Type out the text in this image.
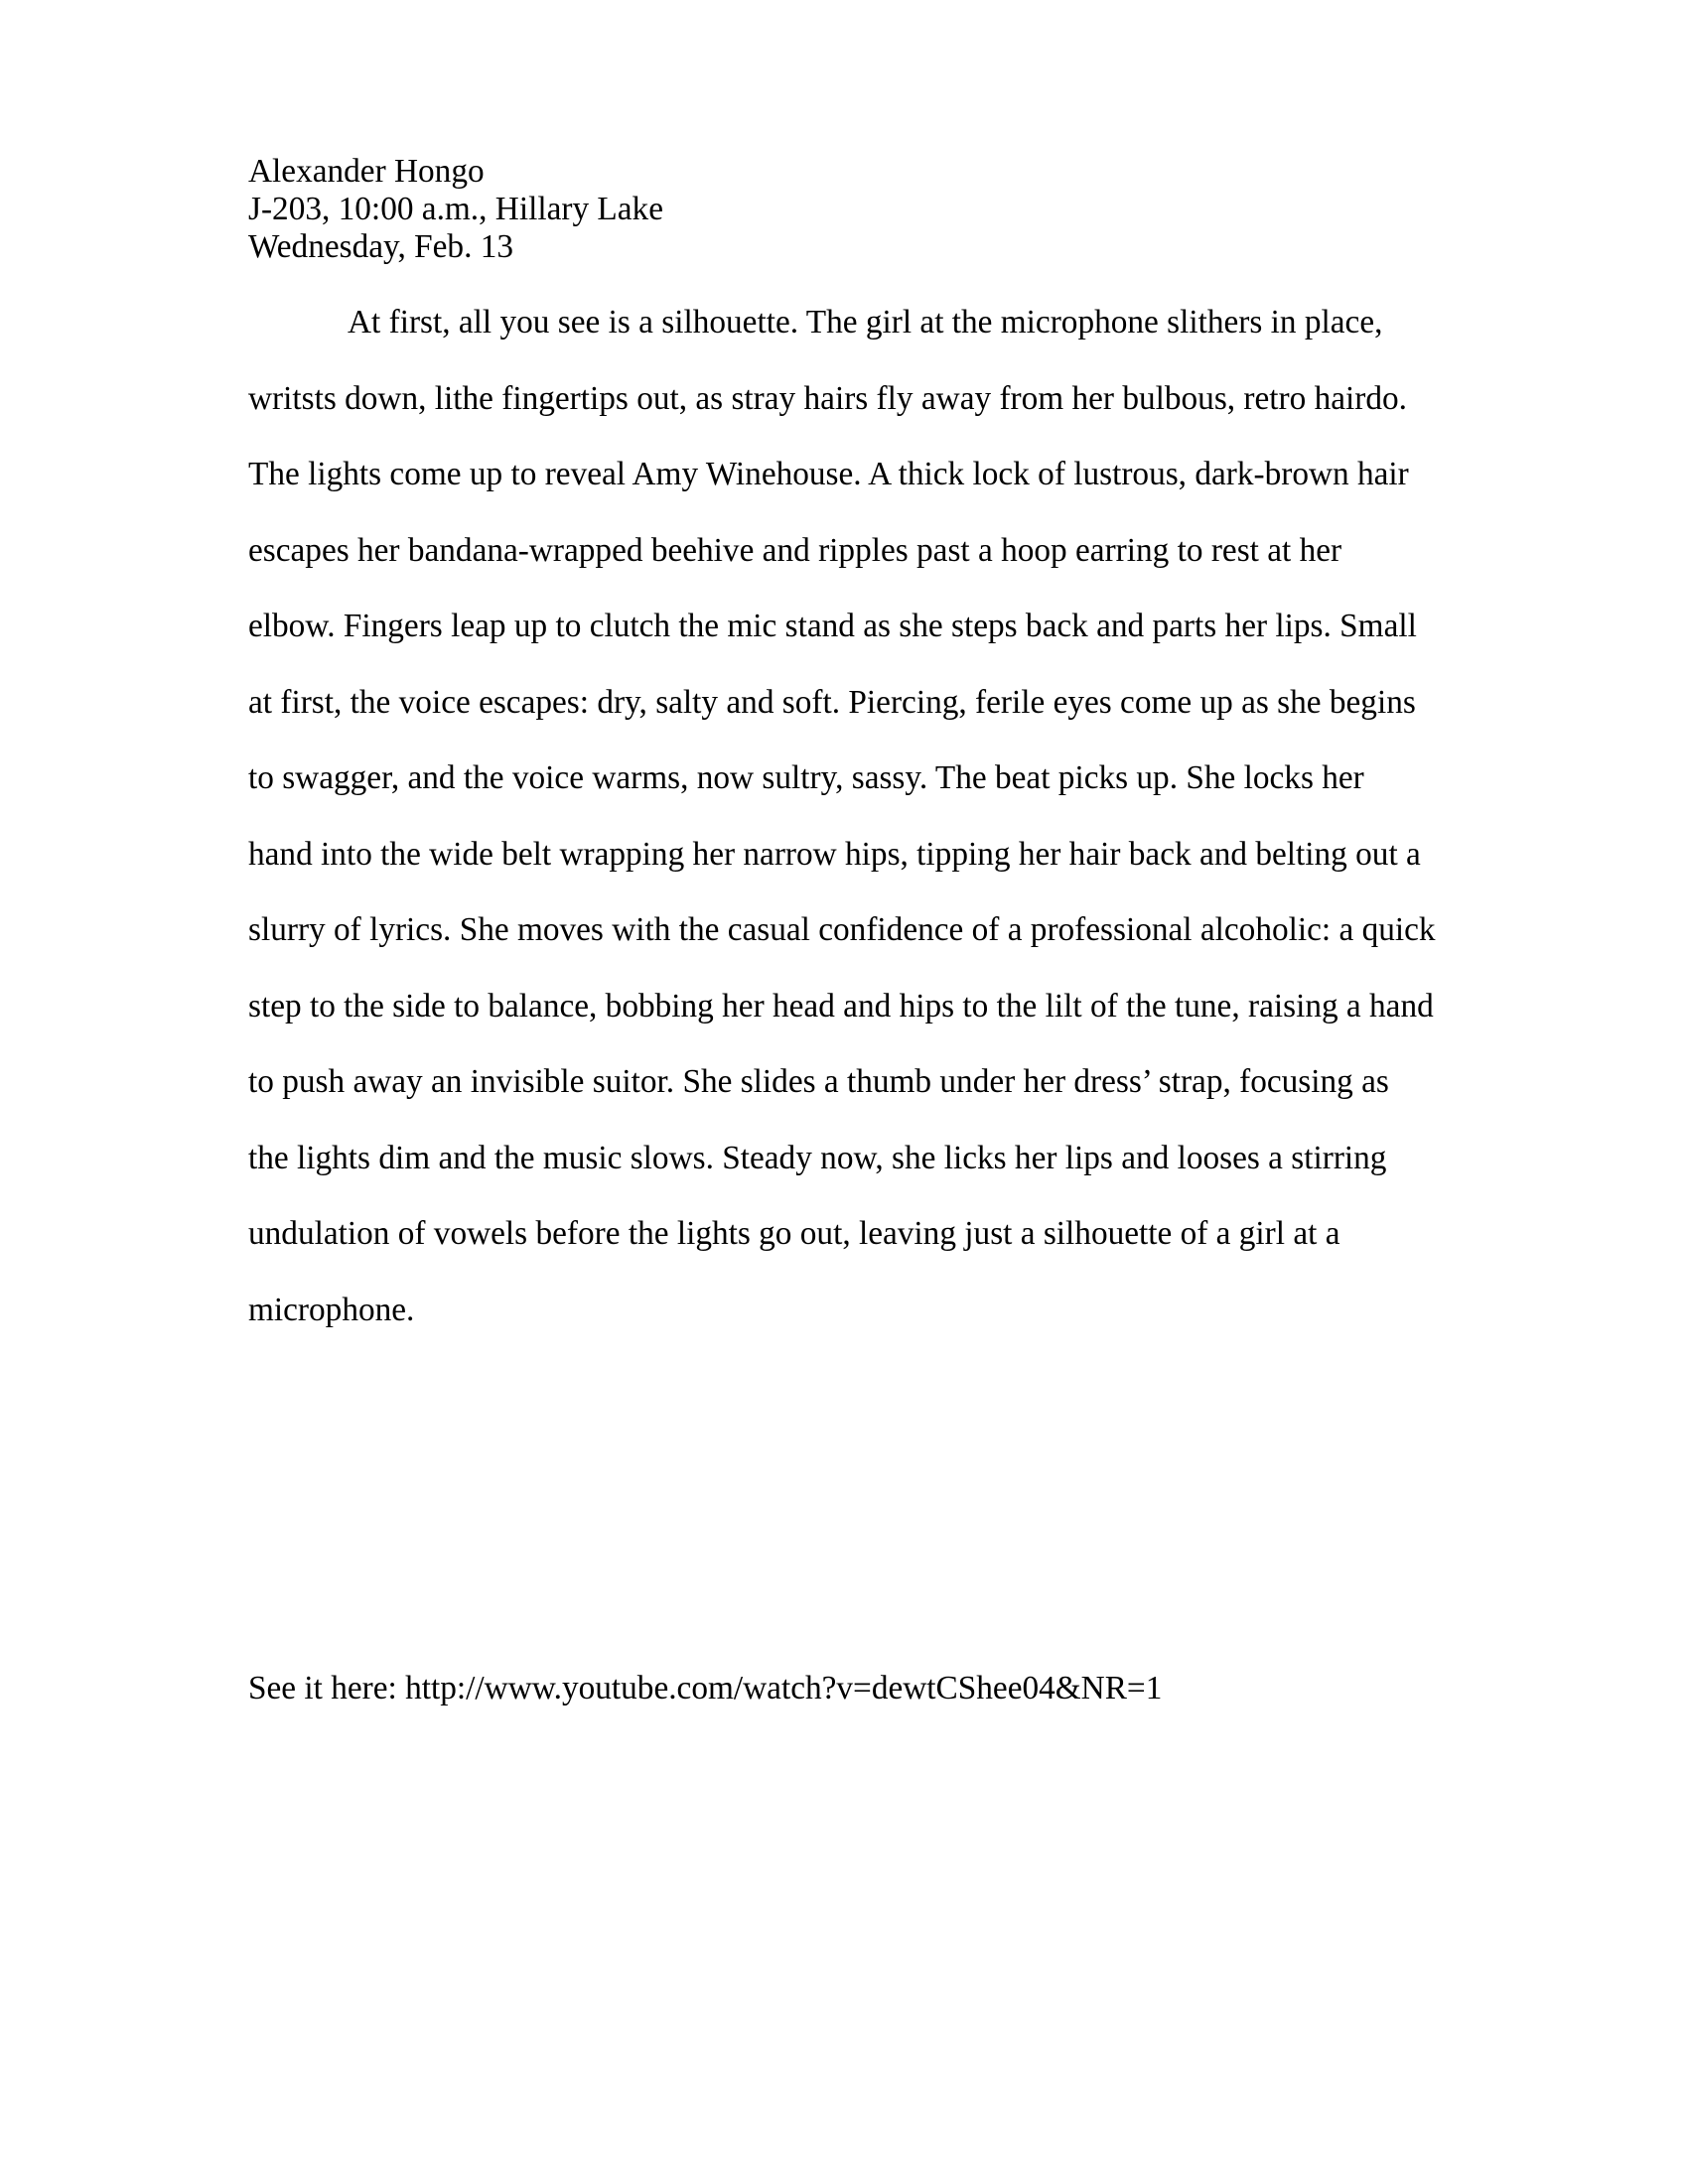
Alexander Hongo
J-203, 10:00 a.m., Hillary Lake
Wednesday, Feb. 13
At first, all you see is a silhouette. The girl at the microphone slithers in place,
writsts down, lithe fingertips out, as stray hairs fly away from her bulbous, retro hairdo.
The lights come up to reveal Amy Winehouse. A thick lock of lustrous, dark-brown hair
escapes her bandana-wrapped beehive and ripples past a hoop earring to rest at her
elbow. Fingers leap up to clutch the mic stand as she steps back and parts her lips. Small
at first, the voice escapes: dry, salty and soft. Piercing, ferile eyes come up as she begins
to swagger, and the voice warms, now sultry, sassy. The beat picks up. She locks her
hand into the wide belt wrapping her narrow hips, tipping her hair back and belting out a
slurry of lyrics. She moves with the casual confidence of a professional alcoholic: a quick
step to the side to balance, bobbing her head and hips to the lilt of the tune, raising a hand
to push away an invisible suitor. She slides a thumb under her dress’ strap, focusing as
the lights dim and the music slows. Steady now, she licks her lips and looses a stirring
undulation of vowels before the lights go out, leaving just a silhouette of a girl at a
microphone.
See it here: http://www.youtube.com/watch?v=dewtCShee04&NR=1
